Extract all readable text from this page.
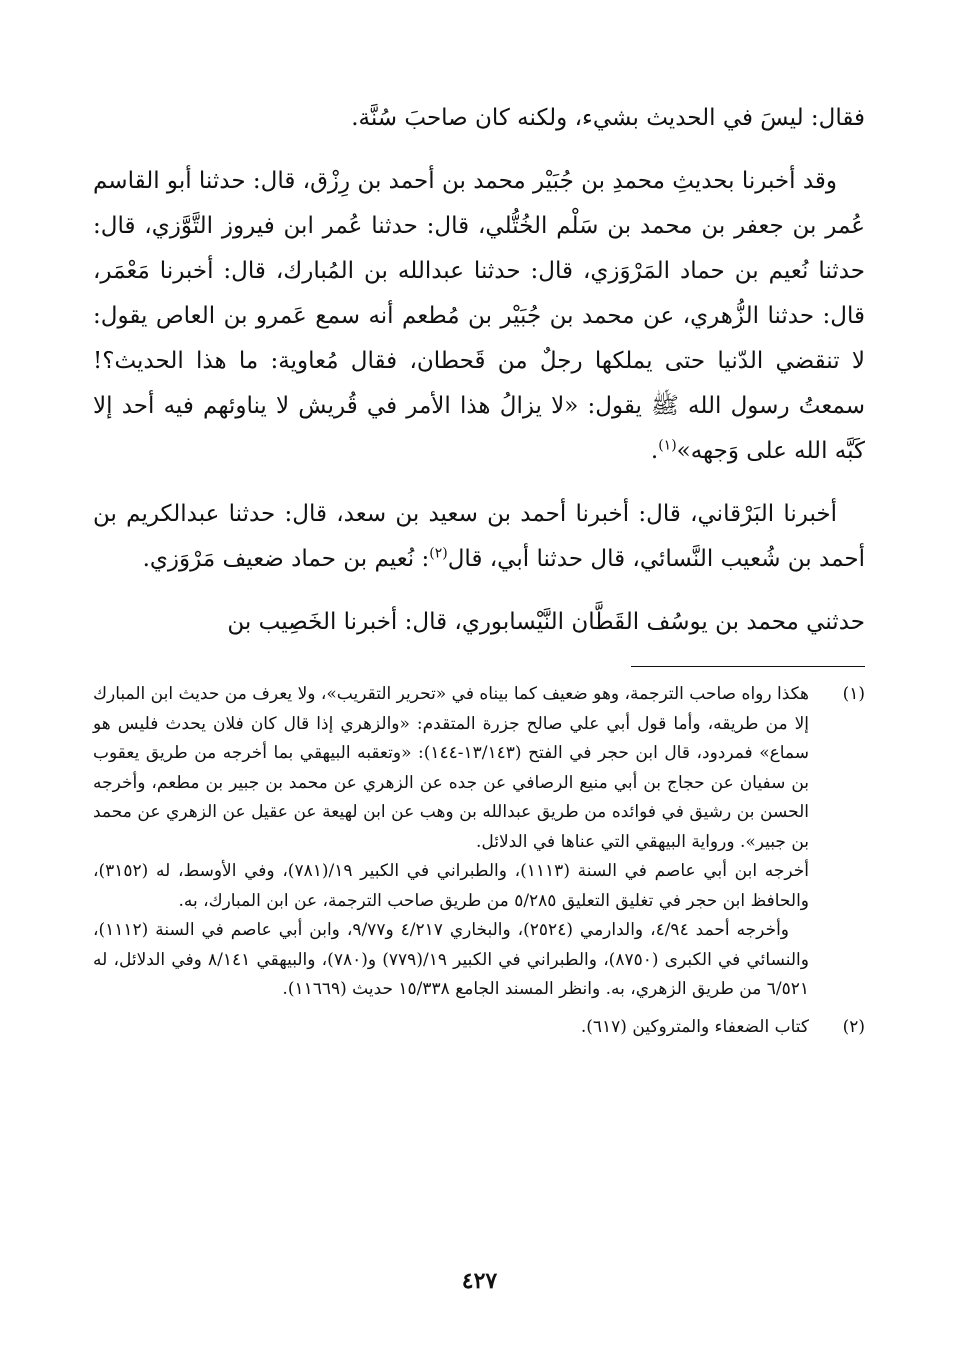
فقال: ليسَ في الحديث بشيء، ولكنه كان صاحبَ سُنَّة.

وقد أخبرنا بحديثِ محمدِ بن جُبَيْر محمد بن أحمد بن رِزْق، قال: حدثنا أبو القاسم عُمر بن جعفر بن محمد بن سَلْم الخُتُّلي، قال: حدثنا عُمر ابن فيروز التَّوَّزي، قال: حدثنا نُعيم بن حماد المَرْوَزي، قال: حدثنا عبدالله بن المُبارك، قال: أخبرنا مَعْمَر، قال: حدثنا الزُّهري، عن محمد بن جُبَيْر بن مُطعم أنه سمع عَمرو بن العاص يقول: لا تنقضي الدّنيا حتى يملكها رجلٌ من قَحطان، فقال مُعاوية: ما هذا الحديث؟! سمعتُ رسول الله ﷺ يقول: «لا يزالُ هذا الأمر في قُريش لا يناوئهم فيه أحد إلا كَبَّه الله على وَجهه»$^{(١)}$.

أخبرنا البَرْقاني، قال: أخبرنا أحمد بن سعيد بن سعد، قال: حدثنا عبدالكريم بن أحمد بن شُعيب النَّسائي، قال حدثنا أبي، قال$^{(٢)}$: نُعيم بن حماد ضعيف مَرْوَزي.

حدثني محمد بن يوسُف القَطَّان النَّيْسابوري، قال: أخبرنا الخَصِيب بن

(١)

هكذا رواه صاحب الترجمة، وهو ضعيف كما بيناه في «تحرير التقريب»، ولا يعرف من حديث ابن المبارك إلا من طريقه، وأما قول أبي علي صالح جزرة المتقدم: «والزهري إذا قال كان فلان يحدث فليس هو سماع» فمردود، قال ابن حجر في الفتح (١٣/١٤٣-١٤٤): «وتعقبه البيهقي بما أخرجه من طريق يعقوب بن سفيان عن حجاج بن أبي منيع الرصافي عن جده عن الزهري عن محمد بن جبير بن مطعم، وأخرجه الحسن بن رشيق في فوائده من طريق عبدالله بن وهب عن ابن لهيعة عن عقيل عن الزهري عن محمد بن جبير». ورواية البيهقي التي عناها في الدلائل.

أخرجه ابن أبي عاصم في السنة (١١١٣)، والطبراني في الكبير ١٩/(٧٨١)، وفي الأوسط، له (٣١٥٢)، والحافظ ابن حجر في تغليق التعليق ٥/٢٨٥ من طريق صاحب الترجمة، عن ابن المبارك، به.

وأخرجه أحمد ٤/٩٤، والدارمي (٢٥٢٤)، والبخاري ٤/٢١٧ و٩/٧٧، وابن أبي عاصم في السنة (١١١٢)، والنسائي في الكبرى (٨٧٥٠)، والطبراني في الكبير ١٩/(٧٧٩) و(٧٨٠)، والبيهقي ٨/١٤١ وفي الدلائل، له ٦/٥٢١ من طريق الزهري، به. وانظر المسند الجامع ١٥/٣٣٨ حديث (١١٦٦٩).

(٢)

كتاب الضعفاء والمتروكين (٦١٧).

٤٢٧
